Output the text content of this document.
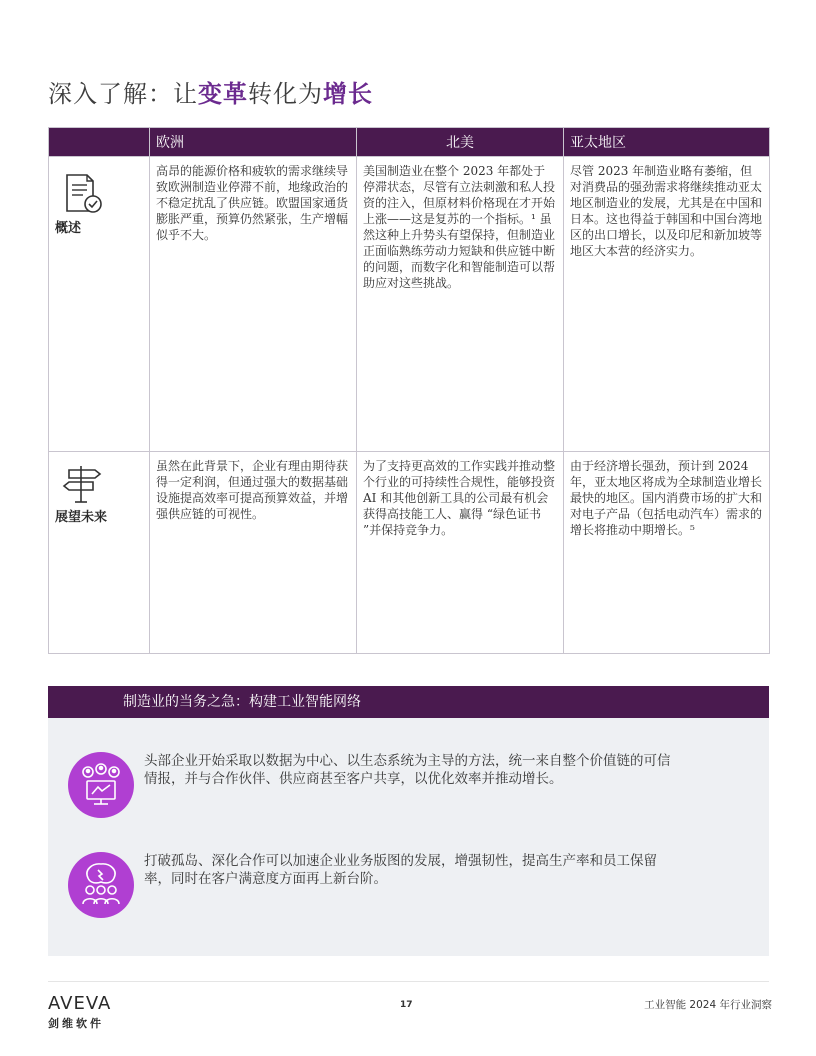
深入了解：让变革转化为增长
	欧洲	北美	亚太地区

概述	高昂的能源价格和疲软的需求继续导致欧洲制造业停滞不前，地缘政治的不稳定扰乱了供应链。欧盟国家通货膨胀严重，预算仍然紧张，生产增幅似乎不大。	美国制造业在整个 2023 年都处于停滞状态，尽管有立法刺激和私人投资的注入，但原材料价格现在才开始上涨——这是复苏的一个指标。¹ 虽然这种上升势头有望保持，但制造业正面临熟练劳动力短缺和供应链中断的问题，而数字化和智能制造可以帮助应对这些挑战。	尽管 2023 年制造业略有萎缩，但对消费品的强劲需求将继续推动亚太地区制造业的发展，尤其是在中国和日本。这也得益于韩国和中国台湾地区的出口增长，以及印尼和新加坡等地区大本营的经济实力。

展望未来	虽然在此背景下，企业有理由期待获得一定利润，但通过强大的数据基础设施提高效率可提高预算效益，并增强供应链的可视性。	为了支持更高效的工作实践并推动整个行业的可持续性合规性，能够投资 AI 和其他创新工具的公司最有机会获得高技能工人、赢得 “绿色证书 ”并保持竞争力。	由于经济增长强劲，预计到 2024 年，亚太地区将成为全球制造业增长最快的地区。国内消费市场的扩大和对电子产品（包括电动汽车）需求的增长将推动中期增长。⁵
制造业的当务之急：构建工业智能网络
头部企业开始采取以数据为中心、以生态系统为主导的方法，统一来自整个价值链的可信情报，并与合作伙伴、供应商甚至客户共享，以优化效率并推动增长。
打破孤岛、深化合作可以加速企业业务版图的发展，增强韧性，提高生产率和员工保留率，同时在客户满意度方面再上新台阶。
AVEVA
剑维软件
17	工业智能 2024 年行业洞察
